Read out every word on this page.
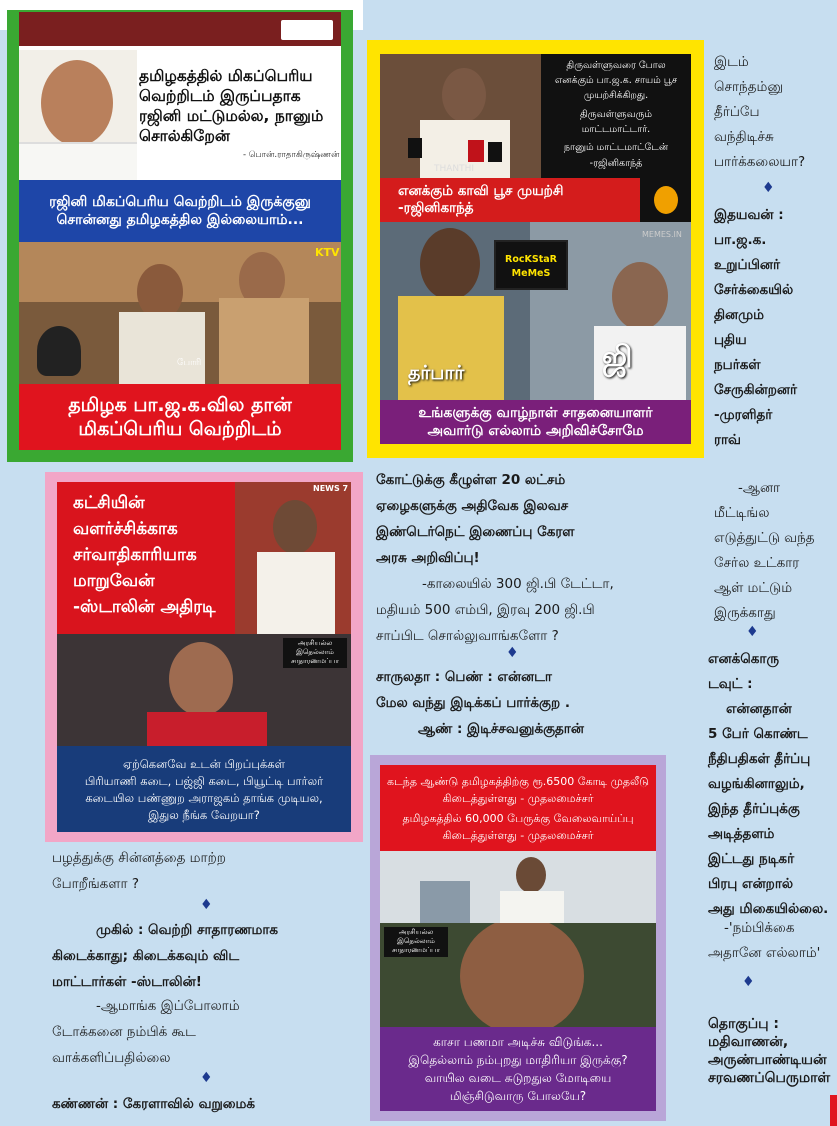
தமிழகத்தில் மிகப்பெரிய வெற்றிடம் இருப்பதாக ரஜினி மட்டுமல்ல, நானும் சொல்கிறேன்
- பொன்.ராதாகிருஷ்ணன்
ரஜினி மிகப்பெரிய வெற்றிடம் இருக்குனு சொன்னது தமிழகத்தில இல்லையாம்...
KTV
போரி
தமிழக பா.ஜ.க.வில தான் மிகப்பெரிய வெற்றிடம்
THANTHI
திருவள்ளுவரை போல
எனக்கும் பா.ஜ.க. சாயம் பூச
முயற்சிக்கிறது.
திருவள்ளுவரும்
மாட்டமாட்டார்.
நானும் மாட்டமாட்டேன்
-ரஜினிகாந்த்
எனக்கும் காவி பூச முயற்சி -ரஜினிகாந்த்
RocKStaR
MeMeS
MEMES.IN
தர்பார்	ஜி
உங்களுக்கு வாழ்நாள் சாதனையாளர் அவார்டு எல்லாம் அறிவிச்சோமே
இடம்
சொந்தம்னு
தீர்ப்பே
வந்திடிச்சு
பார்க்கலையா?
♦
இதயவன் :
பா.ஜ.க.
உறுப்பினர்
சேர்க்கையில்
தினமும்
புதிய
நபர்கள்
சேருகின்றனர்
-முரளிதர்
ராவ்
-ஆனா
மீட்டிங்ல
எடுத்துட்டு வந்த
சேர்ல உட்கார
ஆள் மட்டும்
இருக்காது
♦
எனக்கொரு
டவுட் :
என்னதான்
5 பேர் கொண்ட
நீதிபதிகள் தீர்ப்பு
வழங்கினாலும்,
இந்த தீர்ப்புக்கு
அடித்தளம்
இட்டது நடிகர்
பிரபு என்றால்
அது மிகையில்லை.
-'நம்பிக்கை
அதானே எல்லாம்'
♦
தொகுப்பு :
மதிவாணன்,
அருண்பாண்டியன்
சரவணப்பெருமாள்
கட்சியின்
வளர்ச்சிக்காக
சர்வாதிகாரியாக
மாறுவேன்
-ஸ்டாலின் அதிரடி
NEWS 7
அரசியல்ல
இதெல்லாம்
சாதாரணமப்பா
ஏற்கெனவே உடன் பிறப்புக்கள்
பிரியாணி கடை, பஜ்ஜி கடை, பியூட்டி பார்லர்
கடையில பண்ணுற அராஜகம் தாங்க முடியல,
இதுல நீங்க வேறயா?
கோட்டுக்கு கீழுள்ள 20 லட்சம்
ஏழைகளுக்கு அதிவேக இலவச
இண்டெர்நெட் இணைப்பு கேரள
அரசு அறிவிப்பு!
-காலையில் 300 ஜி.பி டேட்டா,
மதியம் 500 எம்பி, இரவு 200 ஜி.பி
சாப்பிட சொல்லுவாங்களோ ?
♦
சாருலதா : பெண் : என்னடா
மேல வந்து இடிக்கப் பார்க்குற .
ஆண் : இடிச்சவனுக்குதான்
கடந்த ஆண்டு தமிழகத்திற்கு ரூ.6500 கோடி முதலீடு
கிடைத்துள்ளது - முதலமைச்சர்
தமிழகத்தில் 60,000 பேருக்கு வேலைவாய்ப்பு
கிடைத்துள்ளது - முதலமைச்சர்
அரசியல்ல
இதெல்லாம்
சாதாரணமப்பா
காசா பணமா அடிச்சு விடுங்க...
இதெல்லாம் நம்புறது மாதிரியா இருக்கு?
வாயில வடை சுடுறதுல மோடியை
மிஞ்சிடுவாரு போலயே?
பழத்துக்கு சின்னத்தை மாற்ற
போறீங்களா ?
♦
முகில் : வெற்றி சாதாரணமாக
கிடைக்காது; கிடைக்கவும் விட
மாட்டார்கள் -ஸ்டாலின்!
-ஆமாங்க இப்போலாம்
டோக்கனை நம்பிக் கூட
வாக்களிப்பதில்லை
♦
கண்ணன் : கேரளாவில் வறுமைக்
